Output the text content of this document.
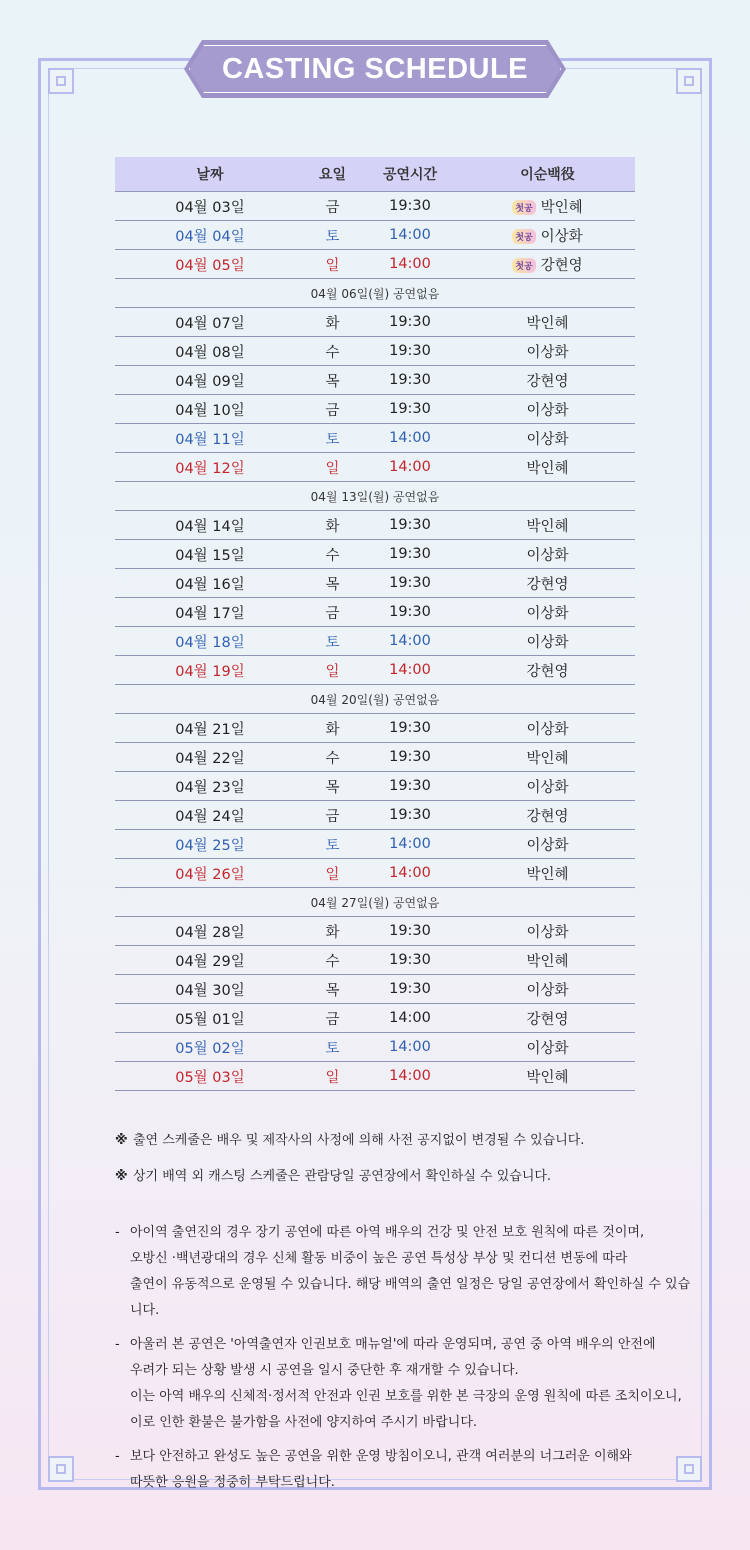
CASTING SCHEDULE
날짜	요일	공연시간	이순백役
04월 03일	금	19:30	첫공 박인혜
04월 04일	토	14:00	첫공 이상화
04월 05일	일	14:00	첫공 강현영
04월 06일(월) 공연없음			
04월 07일	화	19:30	박인혜
04월 08일	수	19:30	이상화
04월 09일	목	19:30	강현영
04월 10일	금	19:30	이상화
04월 11일	토	14:00	이상화
04월 12일	일	14:00	박인혜
04월 13일(월) 공연없음			
04월 14일	화	19:30	박인혜
04월 15일	수	19:30	이상화
04월 16일	목	19:30	강현영
04월 17일	금	19:30	이상화
04월 18일	토	14:00	이상화
04월 19일	일	14:00	강현영
04월 20일(월) 공연없음			
04월 21일	화	19:30	이상화
04월 22일	수	19:30	박인혜
04월 23일	목	19:30	이상화
04월 24일	금	19:30	강현영
04월 25일	토	14:00	이상화
04월 26일	일	14:00	박인혜
04월 27일(월) 공연없음			
04월 28일	화	19:30	이상화
04월 29일	수	19:30	박인혜
04월 30일	목	19:30	이상화
05월 01일	금	14:00	강현영
05월 02일	토	14:00	이상화
05월 03일	일	14:00	박인혜
※ 출연 스케줄은 배우 및 제작사의 사정에 의해 사전 공지없이 변경될 수 있습니다.
※ 상기 배역 외 캐스팅 스케줄은 관람당일 공연장에서 확인하실 수 있습니다.
- 아이역 출연진의 경우 장기 공연에 따른 아역 배우의 건강 및 안전 보호 원칙에 따른 것이며,

오방신 ·백년광대의 경우 신체 활동 비중이 높은 공연 특성상 부상 및 컨디션 변동에 따라

출연이 유동적으로 운영될 수 있습니다. 해당 배역의 출연 일정은 당일 공연장에서 확인하실 수 있습니다.

- 아울러 본 공연은 '아역출연자 인권보호 매뉴얼'에 따라 운영되며, 공연 중 아역 배우의 안전에

우려가 되는 상황 발생 시 공연을 일시 중단한 후 재개할 수 있습니다.

이는 아역 배우의 신체적·정서적 안전과 인권 보호를 위한 본 극장의 운영 원칙에 따른 조치이오니,

이로 인한 환불은 불가함을 사전에 양지하여 주시기 바랍니다.

- 보다 안전하고 완성도 높은 공연을 위한 운영 방침이오니, 관객 여러분의 너그러운 이해와

따뜻한 응원을 정중히 부탁드립니다.
